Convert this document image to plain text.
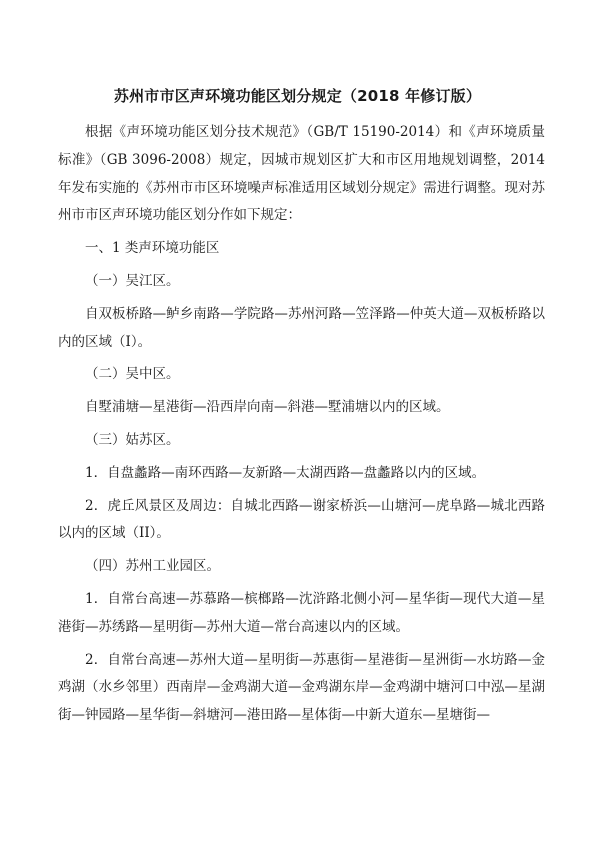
苏州市市区声环境功能区划分规定（2018 年修订版）

根据《声环境功能区划分技术规范》（GB/T 15190-2014）和《声环境质量标准》（GB 3096-2008）规定，因城市规划区扩大和市区用地规划调整，2014 年发布实施的《苏州市市区环境噪声标准适用区域划分规定》需进行调整。现对苏州市市区声环境功能区划分作如下规定：

一、1 类声环境功能区

（一）吴江区。

自双板桥路—鲈乡南路—学院路—苏州河路—笠泽路—仲英大道—双板桥路以内的区域（I）。

（二）吴中区。

自墅浦塘—星港街—沿西岸向南—斜港—墅浦塘以内的区域。

（三）姑苏区。

1．自盘蠡路—南环西路—友新路—太湖西路—盘蠡路以内的区域。

2．虎丘风景区及周边：自城北西路—谢家桥浜—山塘河—虎阜路—城北西路以内的区域（II）。

（四）苏州工业园区。

1．自常台高速—苏慕路—槟榔路—沈浒路北侧小河—星华街—现代大道—星港街—苏绣路—星明街—苏州大道—常台高速以内的区域。

2．自常台高速—苏州大道—星明街—苏惠街—星港街—星洲街—水坊路—金鸡湖（水乡邻里）西南岸—金鸡湖大道—金鸡湖东岸—金鸡湖中塘河口中泓—星湖街—钟园路—星华街—斜塘河—港田路—星体街—中新大道东—星塘街—
